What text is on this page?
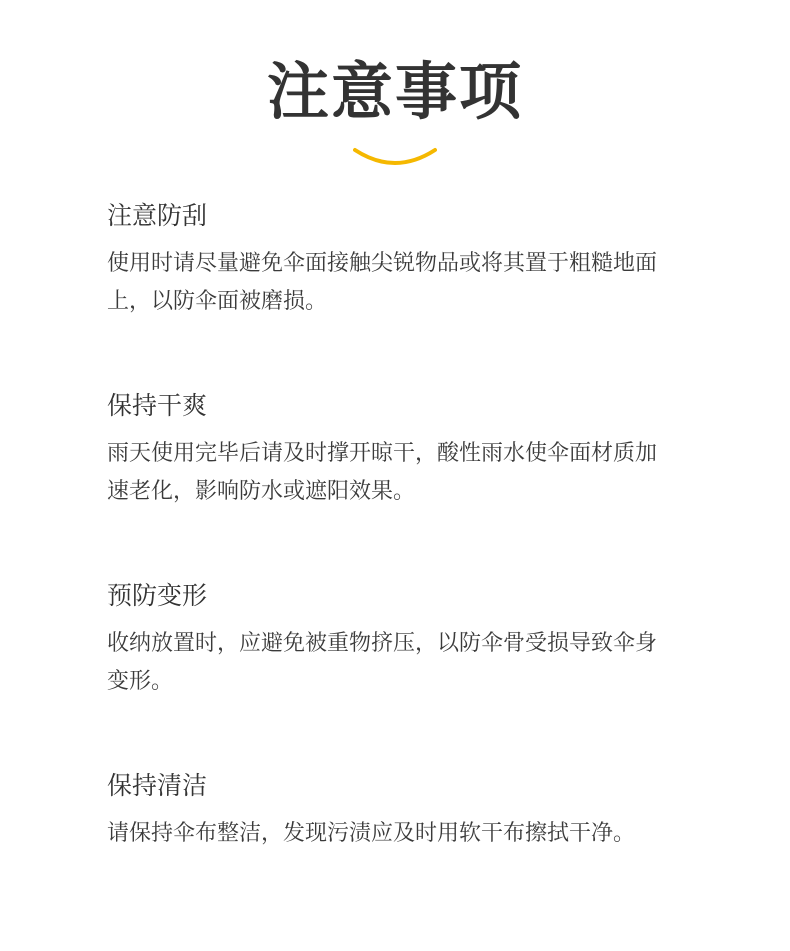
注意事项
注意防刮

使用时请尽量避免伞面接触尖锐物品或将其置于粗糙地面上，以防伞面被磨损。

保持干爽

雨天使用完毕后请及时撑开晾干，酸性雨水使伞面材质加速老化，影响防水或遮阳效果。

预防变形

收纳放置时，应避免被重物挤压，以防伞骨受损导致伞身变形。

保持清洁

请保持伞布整洁，发现污渍应及时用软干布擦拭干净。
